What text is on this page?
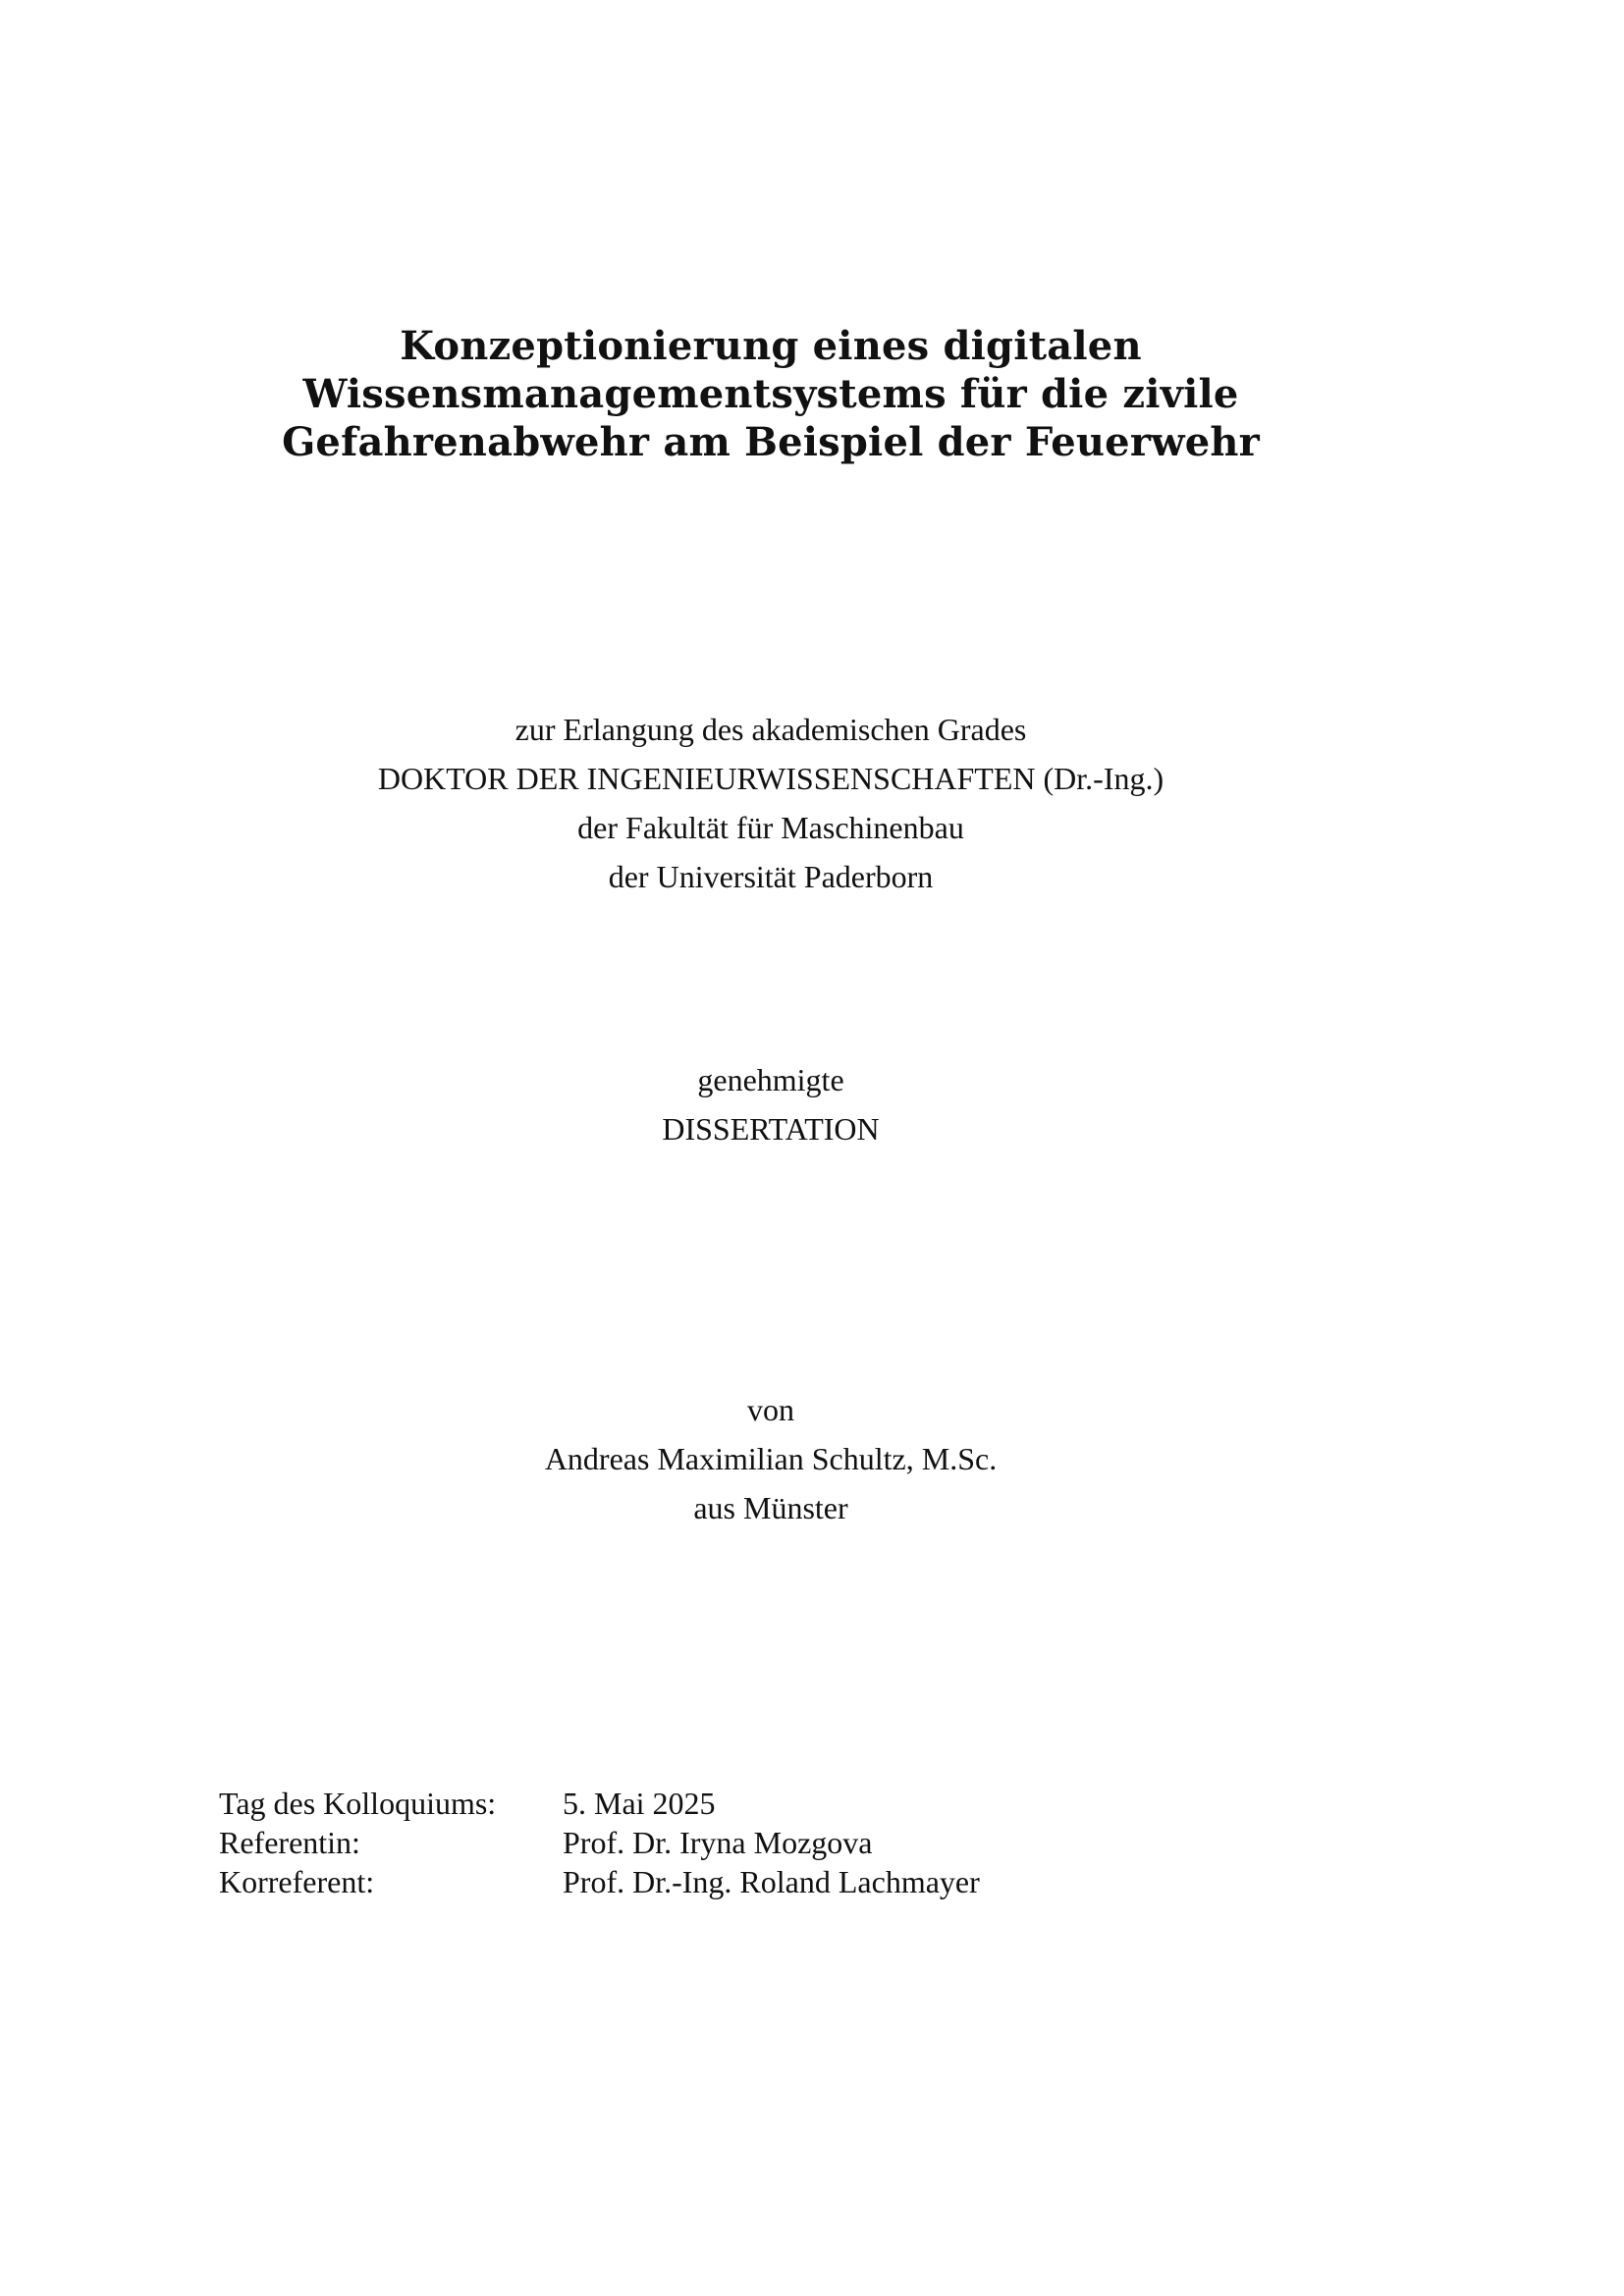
Konzeptionierung eines digitalen
Wissensmanagementsystems für die zivile
Gefahrenabwehr am Beispiel der Feuerwehr
zur Erlangung des akademischen Grades
DOKTOR DER INGENIEURWISSENSCHAFTEN (Dr.-Ing.)
der Fakultät für Maschinenbau
der Universität Paderborn
genehmigte
DISSERTATION
von
Andreas Maximilian Schultz, M.Sc.
aus Münster
Tag des Kolloquiums:	5. Mai 2025
Referentin:	Prof. Dr. Iryna Mozgova
Korreferent:	Prof. Dr.-Ing. Roland Lachmayer
